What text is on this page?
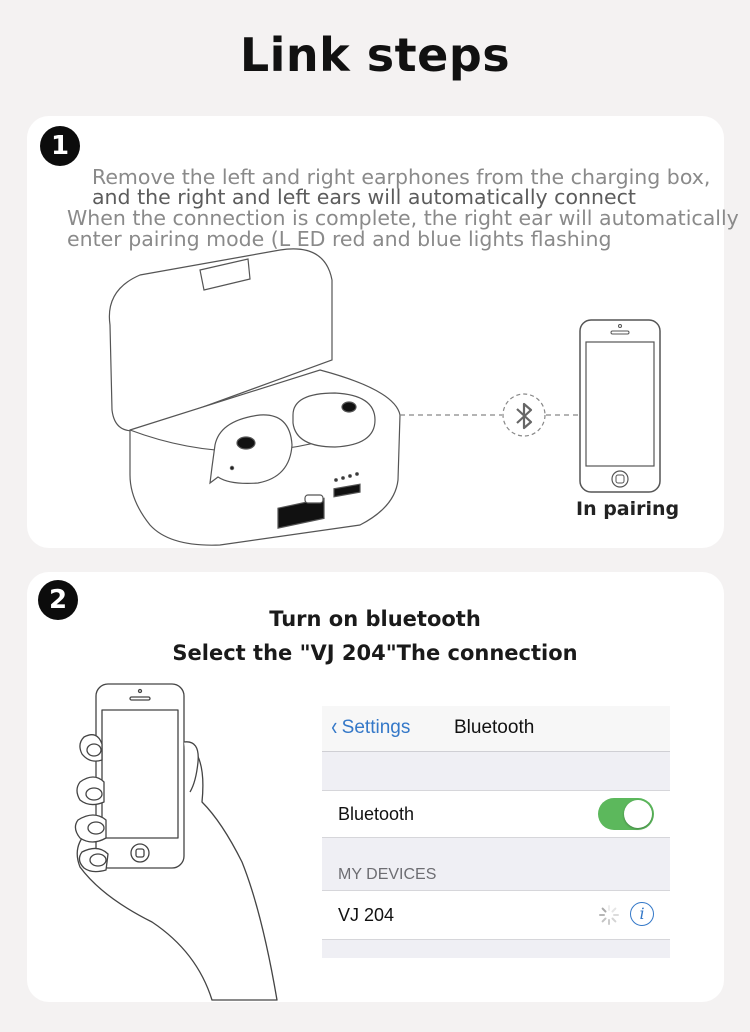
Link steps
1
Remove the left and right earphones from the charging box,
and the right and left ears will automatically connect
When the connection is complete, the right ear will automatically
enter pairing mode (L ED red and blue lights flashing
In pairing
2
Turn on bluetooth
Select the "VJ 204"The connection
‹ Settings Bluetooth
Bluetooth
MY DEVICES
VJ 204	i
